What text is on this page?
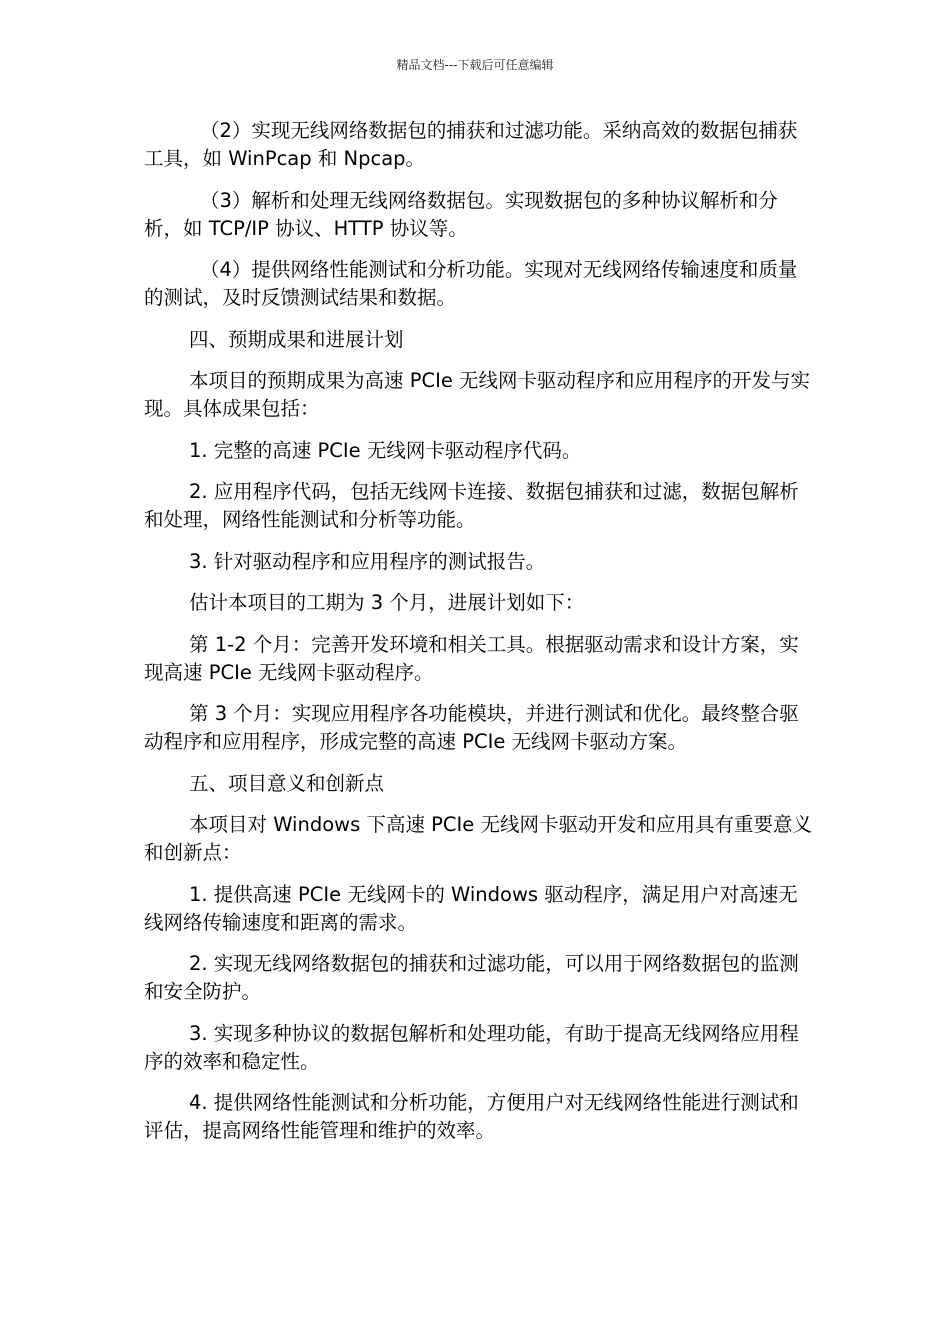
精品文档---下载后可任意编辑

（2）实现无线网络数据包的捕获和过滤功能。采纳高效的数据包捕获工具，如 WinPcap 和 Npcap。

（3）解析和处理无线网络数据包。实现数据包的多种协议解析和分析，如 TCP/IP 协议、HTTP 协议等。

（4）提供网络性能测试和分析功能。实现对无线网络传输速度和质量的测试，及时反馈测试结果和数据。

四、预期成果和进展计划

本项目的预期成果为高速 PCIe 无线网卡驱动程序和应用程序的开发与实现。具体成果包括：

1. 完整的高速 PCIe 无线网卡驱动程序代码。

2. 应用程序代码，包括无线网卡连接、数据包捕获和过滤，数据包解析和处理，网络性能测试和分析等功能。

3. 针对驱动程序和应用程序的测试报告。

估计本项目的工期为 3 个月，进展计划如下：

第 1-2 个月：完善开发环境和相关工具。根据驱动需求和设计方案，实现高速 PCIe 无线网卡驱动程序。

第 3 个月：实现应用程序各功能模块，并进行测试和优化。最终整合驱动程序和应用程序，形成完整的高速 PCIe 无线网卡驱动方案。

五、项目意义和创新点

本项目对 Windows 下高速 PCIe 无线网卡驱动开发和应用具有重要意义和创新点：

1. 提供高速 PCIe 无线网卡的 Windows 驱动程序，满足用户对高速无线网络传输速度和距离的需求。

2. 实现无线网络数据包的捕获和过滤功能，可以用于网络数据包的监测和安全防护。

3. 实现多种协议的数据包解析和处理功能，有助于提高无线网络应用程序的效率和稳定性。

4. 提供网络性能测试和分析功能，方便用户对无线网络性能进行测试和评估，提高网络性能管理和维护的效率。
